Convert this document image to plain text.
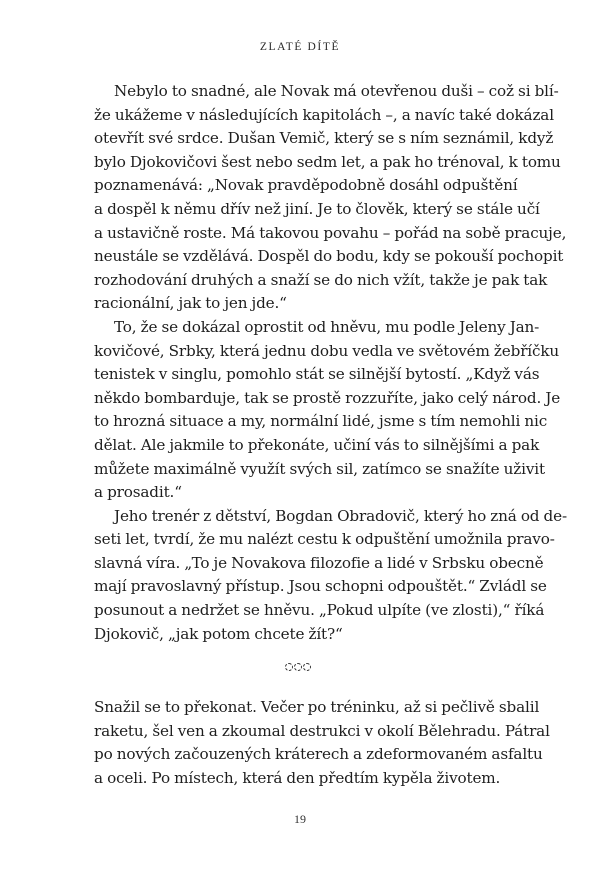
ZLATÉ DÍTĚ
Nebylo to snadné, ale Novak má otevřenou duši – což si blí-
že ukážeme v následujících kapitolách –, a navíc také dokázal
otevřít své srdce. Dušan Vemič, který se s ním seznámil, když
bylo Djokovičovi šest nebo sedm let, a pak ho trénoval, k tomu
poznamenává: „Novak pravděpodobně dosáhl odpuštění
a dospěl k němu dřív než jiní. Je to člověk, který se stále učí
a ustavičně roste. Má takovou povahu – pořád na sobě pracuje,
neustále se vzdělává. Dospěl do bodu, kdy se pokouší pochopit
rozhodování druhých a snaží se do nich vžít, takže je pak tak
racionální, jak to jen jde.“
To, že se dokázal oprostit od hněvu, mu podle Jeleny Jan-
kovičové, Srbky, která jednu dobu vedla ve světovém žebříčku
tenistek v singlu, pomohlo stát se silnější bytostí. „Když vás
někdo bombarduje, tak se prostě rozzuříte, jako celý národ. Je
to hrozná situace a my, normální lidé, jsme s tím nemohli nic
dělat. Ale jakmile to překonáte, učiní vás to silnějšími a pak
můžete maximálně využít svých sil, zatímco se snažíte uživit
a prosadit.“
Jeho trenér z dětství, Bogdan Obradovič, který ho zná od de-
seti let, tvrdí, že mu nalézt cestu k odpuštění umožnila pravo-
slavná víra. „To je Novakova filozofie a lidé v Srbsku obecně
mají pravoslavný přístup. Jsou schopni odpouštět.“ Zvládl se
posunout a nedržet se hněvu. „Pokud ulpíte (ve zlosti),“ říká
Djokovič, „jak potom chcete žít?“
Snažil se to překonat. Večer po tréninku, až si pečlivě sbalil
raketu, šel ven a zkoumal destrukci v okolí Bělehradu. Pátral
po nových začouzených kráterech a zdeformovaném asfaltu
a oceli. Po místech, která den předtím kypěla životem.
19
